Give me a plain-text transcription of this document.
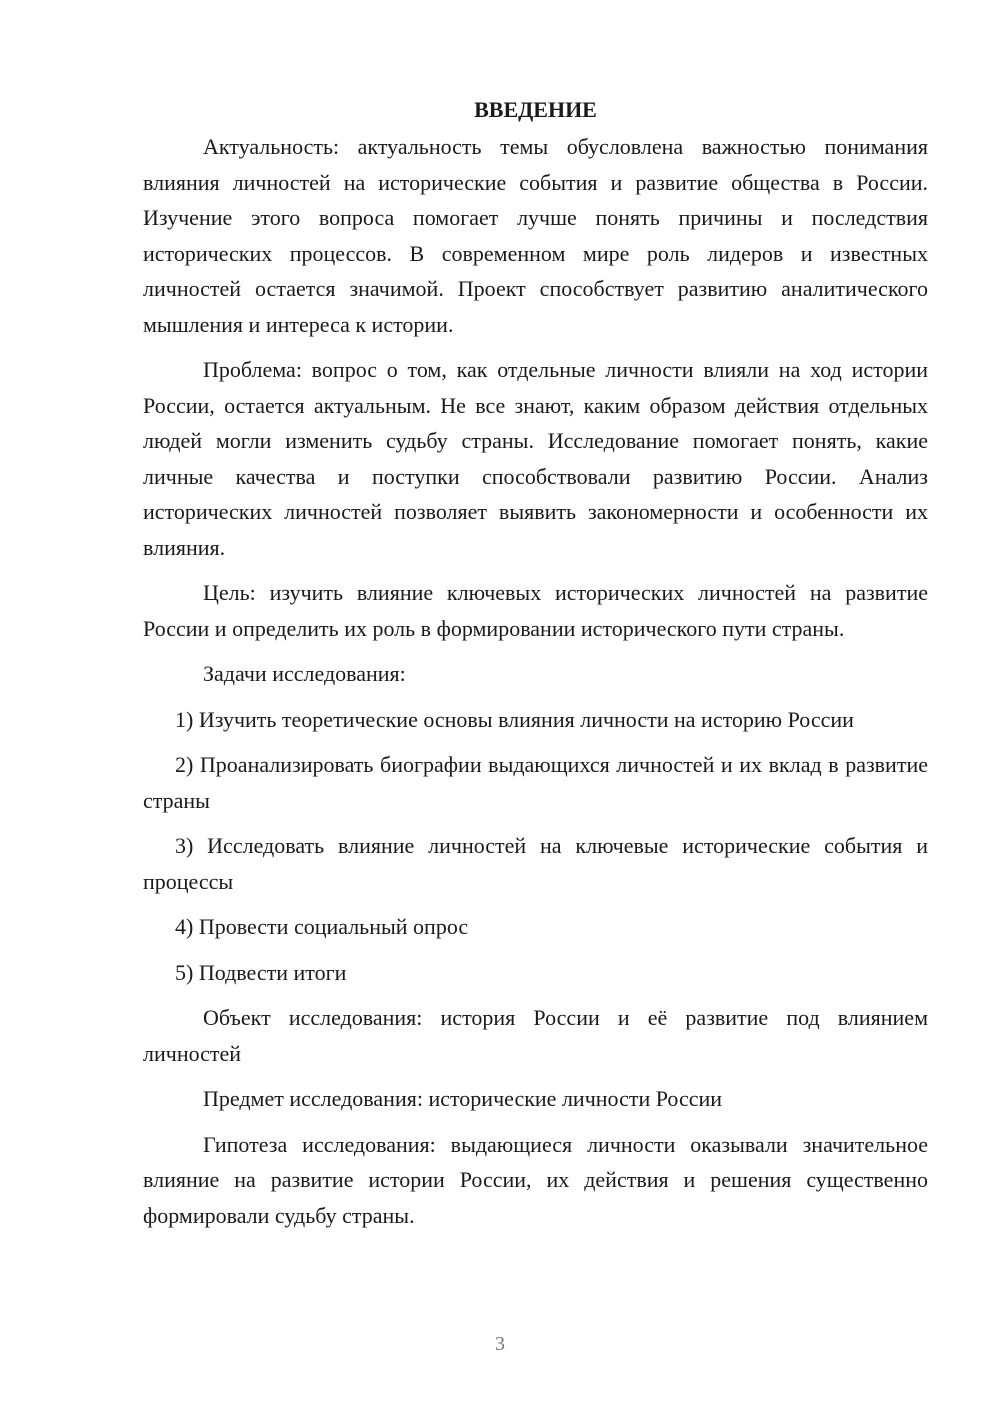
ВВЕДЕНИЕ

Актуальность: актуальность темы обусловлена важностью понимания влияния личностей на исторические события и развитие общества в России. Изучение этого вопроса помогает лучше понять причины и последствия исторических процессов. В современном мире роль лидеров и известных личностей остается значимой. Проект способствует развитию аналитического мышления и интереса к истории.

Проблема: вопрос о том, как отдельные личности влияли на ход истории России, остается актуальным. Не все знают, каким образом действия отдельных людей могли изменить судьбу страны. Исследование помогает понять, какие личные качества и поступки способствовали развитию России. Анализ исторических личностей позволяет выявить закономерности и особенности их влияния.

Цель: изучить влияние ключевых исторических личностей на развитие России и определить их роль в формировании исторического пути страны.

Задачи исследования:

1) Изучить теоретические основы влияния личности на историю России

2) Проанализировать биографии выдающихся личностей и их вклад в развитие страны

3) Исследовать влияние личностей на ключевые исторические события и процессы

4) Провести социальный опрос

5) Подвести итоги

Объект исследования: история России и её развитие под влиянием личностей

Предмет исследования: исторические личности России

Гипотеза исследования: выдающиеся личности оказывали значительное влияние на развитие истории России, их действия и решения существенно формировали судьбу страны.

3
